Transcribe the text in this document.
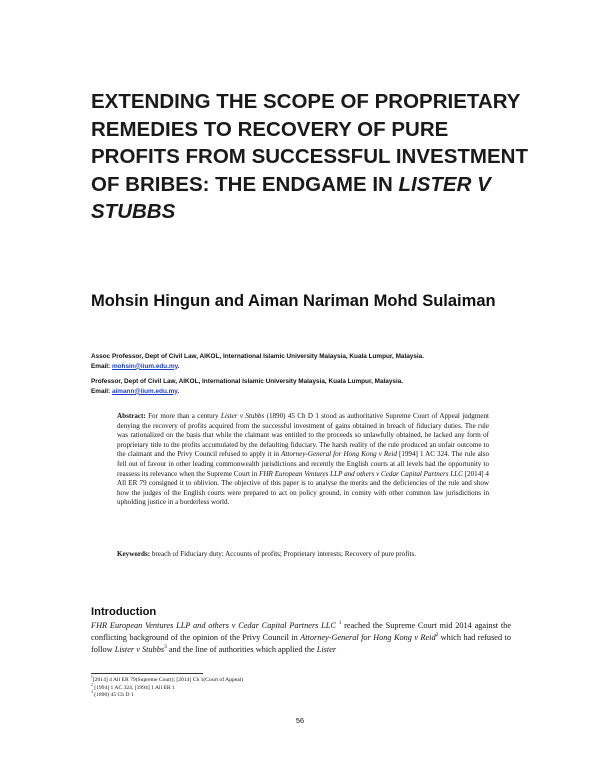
EXTENDING THE SCOPE OF PROPRIETARY REMEDIES TO RECOVERY OF PURE PROFITS FROM SUCCESSFUL INVESTMENT OF BRIBES: THE ENDGAME IN LISTER V STUBBS

Mohsin Hingun and Aiman Nariman Mohd Sulaiman

Assoc Professor, Dept of Civil Law, AIKOL, International Islamic University Malaysia, Kuala Lumpur, Malaysia.
Email: mohsin@iium.edu.my.

Professor, Dept of Civil Law, AIKOL, International Islamic University Malaysia, Kuala Lumpur, Malaysia.
Email: aimann@iium.edu.my.

Abstract: For more than a century Lister v Stubbs (1890) 45 Ch D 1 stood as authoritative Supreme Court of Appeal judgment denying the recovery of profits acquired from the successful investment of gains obtained in breach of fiduciary duties. The rule was rationalized on the basis that while the claimant was entitled to the proceeds so unlawfully obtained, he lacked any form of proprietary title to the profits accumulated by the defaulting fiduciary. The harsh reality of the rule produced an unfair outcome to the claimant and the Privy Council refused to apply it in Attorney-General for Hong Kong v Reid [1994] 1 AC 324. The rule also fell out of favour in other leading commonwealth jurisdictions and recently the English courts at all levels had the opportunity to reassess its relevance when the Supreme Court in FHR European Ventures LLP and others v Cedar Capital Partners LLC [2014] 4 All ER 79 consigned it to oblivion. The objective of this paper is to analyse the merits and the deficiencies of the rule and show how the judges of the English courts were prepared to act on policy ground, in comity with other common law jurisdictions in upholding justice in a borderless world.

Keywords: breach of Fiduciary duty; Accounts of profits; Proprietary interests; Recovery of pure profits.

Introduction

FHR European Ventures LLP and others v Cedar Capital Partners LLC $^1$ reached the Supreme Court mid 2014 against the conflicting background of the opinion of the Privy Council in Attorney-General for Hong Kong v Reid$^2$ which had refused to follow Lister v Stubbs$^3$ and the line of authorities which applied the Lister

$^1$[2014] 4 All ER 79(Supreme Court); [2014] Ch 1(Court of Appeal)
$^2$ [1994] 1 AC 324, [1994] 1 All ER 1
$^3$ (1890) 45 Ch D 1
56
